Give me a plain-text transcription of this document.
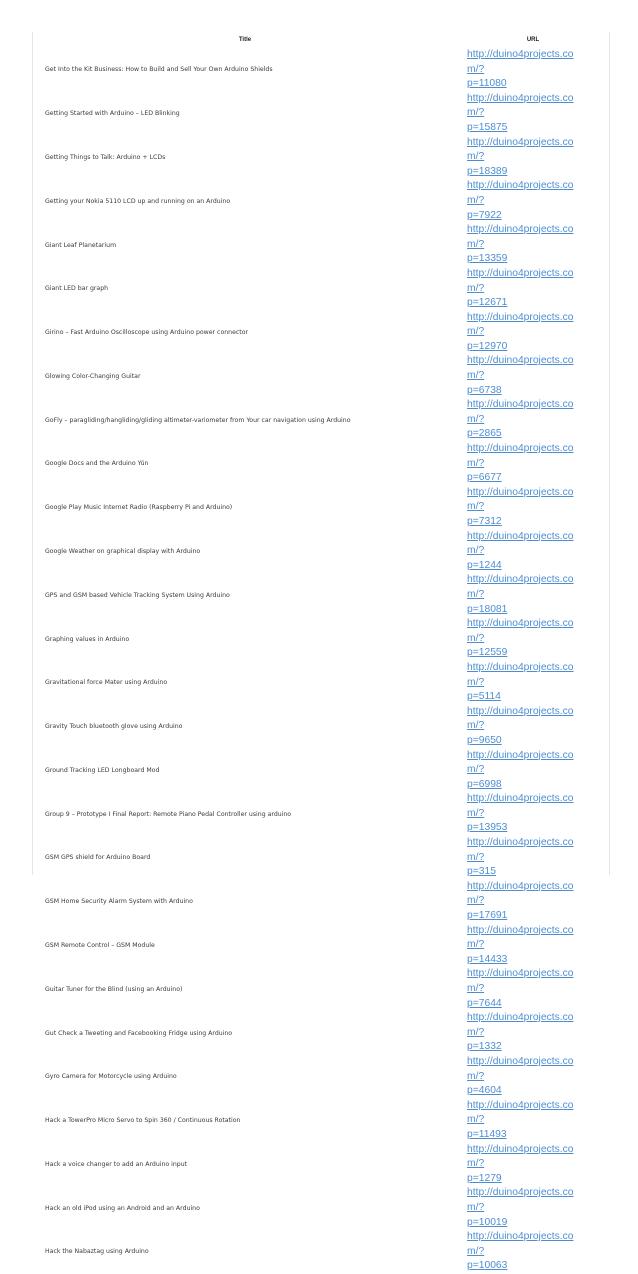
Title	URL
Get Into the Kit Business: How to Build and Sell Your Own Arduino Shields	http://duino4projects.com/?
p=11080

Getting Started with Arduino – LED Blinking	http://duino4projects.com/?
p=15875

Getting Things to Talk: Arduino + LCDs	http://duino4projects.com/?
p=18389

Getting your Nokia 5110 LCD up and running on an Arduino	http://duino4projects.com/?
p=7922

Giant Leaf Planetarium	http://duino4projects.com/?
p=13359

Giant LED bar graph	http://duino4projects.com/?
p=12671

Girino – Fast Arduino Oscilloscope using Arduino power connector	http://duino4projects.com/?
p=12970

Glowing Color-Changing Guitar	http://duino4projects.com/?
p=6738

GoFly – paragliding/hangliding/gliding altimeter-variometer from Your car navigation using Arduino	http://duino4projects.com/?
p=2865

Google Docs and the Arduino Yún	http://duino4projects.com/?
p=6677

Google Play Music Internet Radio (Raspberry Pi and Arduino)	http://duino4projects.com/?
p=7312

Google Weather on graphical display with Arduino	http://duino4projects.com/?
p=1244

GPS and GSM based Vehicle Tracking System Using Arduino	http://duino4projects.com/?
p=18081

Graphing values in Arduino	http://duino4projects.com/?
p=12559

Gravitational force Mater using Arduino	http://duino4projects.com/?
p=5114

Gravity Touch bluetooth glove using Arduino	http://duino4projects.com/?
p=9650

Ground Tracking LED Longboard Mod	http://duino4projects.com/?
p=6998

Group 9 – Prototype I Final Report: Remote Piano Pedal Controller using arduino	http://duino4projects.com/?
p=13953

GSM GPS shield for Arduino Board	http://duino4projects.com/?
p=315

GSM Home Security Alarm System with Arduino	http://duino4projects.com/?
p=17691

GSM Remote Control – GSM Module	http://duino4projects.com/?
p=14433

Guitar Tuner for the Blind (using an Arduino)	http://duino4projects.com/?
p=7644

Gut Check a Tweeting and Facebooking Fridge using Arduino	http://duino4projects.com/?
p=1332

Gyro Camera for Motorcycle using Arduino	http://duino4projects.com/?
p=4604

Hack a TowerPro Micro Servo to Spin 360 / Continuous Rotation	http://duino4projects.com/?
p=11493

Hack a voice changer to add an Arduino input	http://duino4projects.com/?
p=1279

Hack an old iPod using an Android and an Arduino	http://duino4projects.com/?
p=10019

Hack the Nabaztag using Arduino	http://duino4projects.com/?
p=10063
